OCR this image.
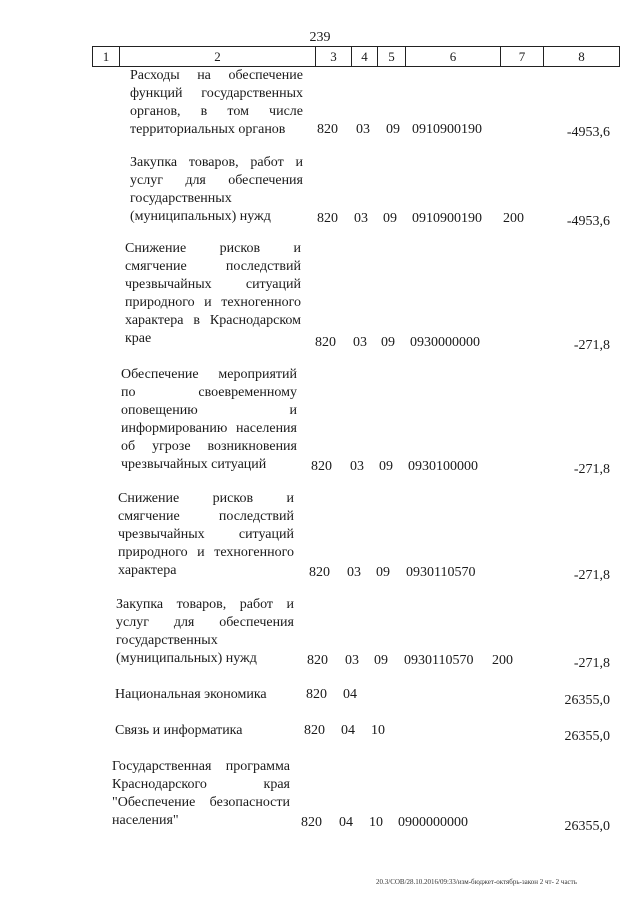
239
1	2	3	4	5	6	7	8
Расходы на обеспечение функций государственных органов, в том числе территориальных органов	820 03 09 0910900190	-4953,6
Закупка товаров, работ и услуг для обеспечения государственных (муниципальных) нужд	820 03 09 0910900190 200	-4953,6
Снижение рисков и смягчение последствий чрезвычайных ситуаций природного и техногенного характера в Краснодарском крае	820 03 09 0930000000	-271,8
Обеспечение мероприятий по своевременному оповещению и информированию населения об угрозе возникновения чрезвычайных ситуаций	820 03 09 0930100000	-271,8
Снижение рисков и смягчение последствий чрезвычайных ситуаций природного и техногенного характера	820 03 09 0930110570	-271,8
Закупка товаров, работ и услуг для обеспечения государственных (муниципальных) нужд	820 03 09 0930110570 200	-271,8
Национальная экономика	820 04	26355,0
Связь и информатика	820 04 10	26355,0
Государственная программа Краснодарского края "Обеспечение безопасности населения"	820 04 10 0900000000	26355,0
20.3/СОВ/28.10.2016/09:33/изм-бюджет-октябрь-закон 2 чт- 2 часть
